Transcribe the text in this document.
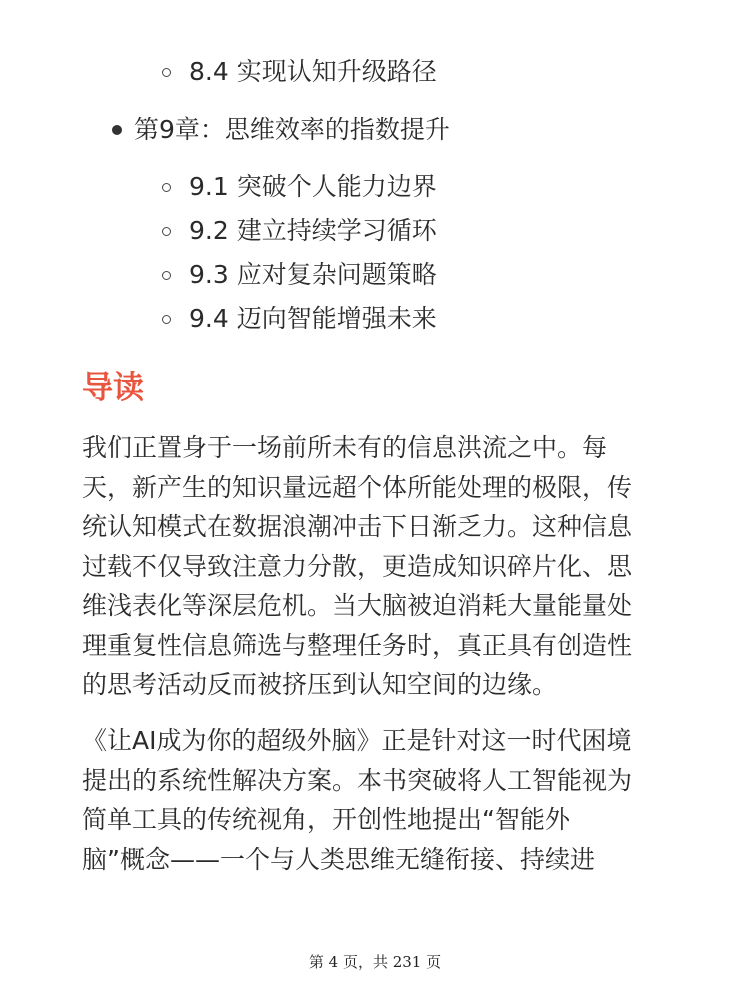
8.4 实现认知升级路径
第9章：思维效率的指数提升
9.1 突破个人能力边界
9.2 建立持续学习循环
9.3 应对复杂问题策略
9.4 迈向智能增强未来
导读

我们正置身于一场前所未有的信息洪流之中。每
天，新产生的知识量远超个体所能处理的极限，传
统认知模式在数据浪潮冲击下日渐乏力。这种信息
过载不仅导致注意力分散，更造成知识碎片化、思
维浅表化等深层危机。当大脑被迫消耗大量能量处
理重复性信息筛选与整理任务时，真正具有创造性
的思考活动反而被挤压到认知空间的边缘。

《让AI成为你的超级外脑》正是针对这一时代困境
提出的系统性解决方案。本书突破将人工智能视为
简单工具的传统视角，开创性地提出“智能外
脑”概念——一个与人类思维无缝衔接、持续进

第 4 页，共 231 页
